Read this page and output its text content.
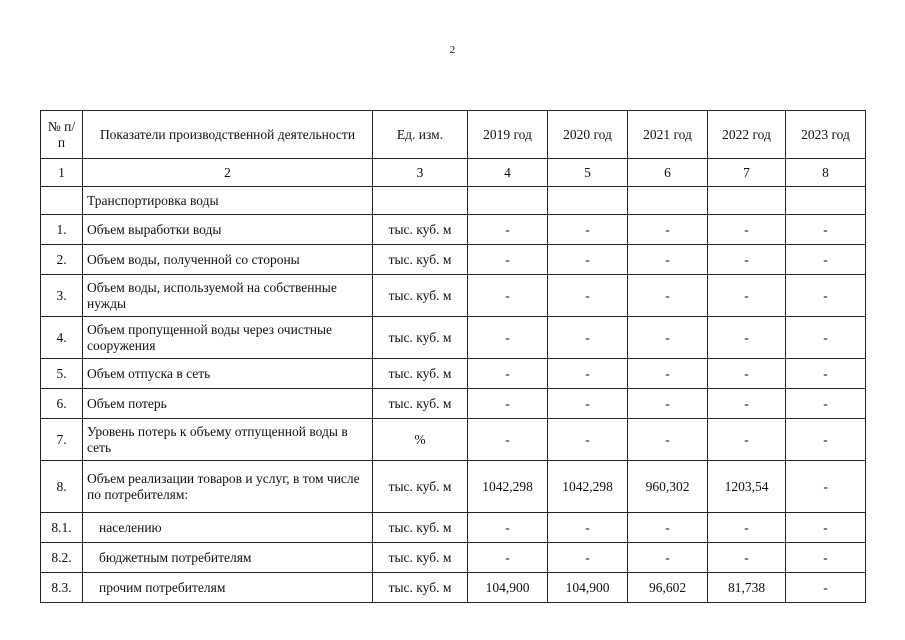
2
№ п/п	Показатели производственной деятельности	Ед. изм.	2019 год	2020 год	2021 год	2022 год	2023 год
1	2	3	4	5	6	7	8
	Транспортировка воды						
1.	Объем выработки воды	тыс. куб. м	-	-	-	-	-
2.	Объем воды, полученной со стороны	тыс. куб. м	-	-	-	-	-
3.	Объем воды, используемой на собственные нужды	тыс. куб. м	-	-	-	-	-
4.	Объем пропущенной воды через очистные сооружения	тыс. куб. м	-	-	-	-	-
5.	Объем отпуска в сеть	тыс. куб. м	-	-	-	-	-
6.	Объем потерь	тыс. куб. м	-	-	-	-	-
7.	Уровень потерь к объему отпущенной воды в сеть	%	-	-	-	-	-
8.	Объем реализации товаров и услуг, в том числе по потребителям:	тыс. куб. м	1042,298	1042,298	960,302	1203,54	-
8.1.	населению	тыс. куб. м	-	-	-	-	-
8.2.	бюджетным потребителям	тыс. куб. м	-	-	-	-	-
8.3.	прочим потребителям	тыс. куб. м	104,900	104,900	96,602	81,738	-
